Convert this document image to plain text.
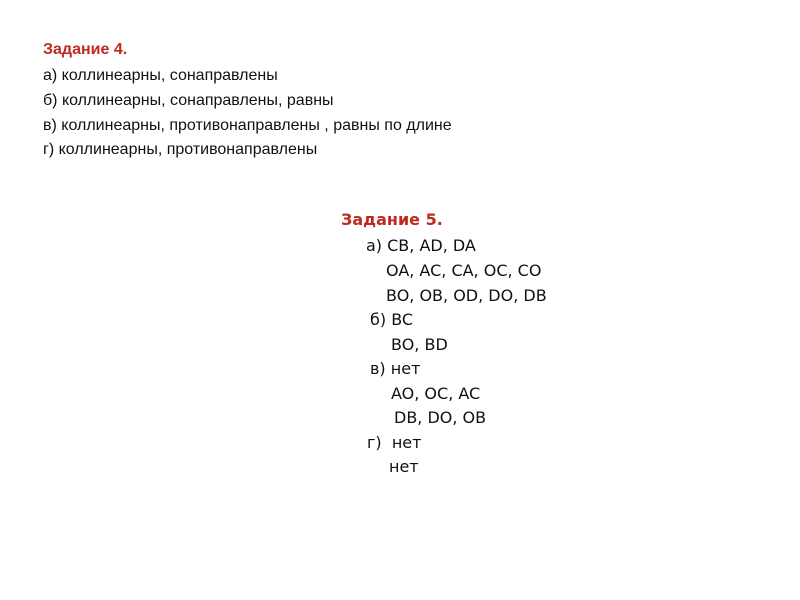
Задание 4.
а) коллинеарны, сонаправлены
б) коллинеарны, сонаправлены, равны
в) коллинеарны, противонаправлены , равны по длине
г) коллинеарны, противонаправлены
Задание 5.
а) CB, AD, DA
OA, AC, CA, OC, CO
BO, OB, OD, DO, DB
б) BC
BO, BD
в) нет
AO, OC, AC
DB, DO, OB
г)  нет
нет
